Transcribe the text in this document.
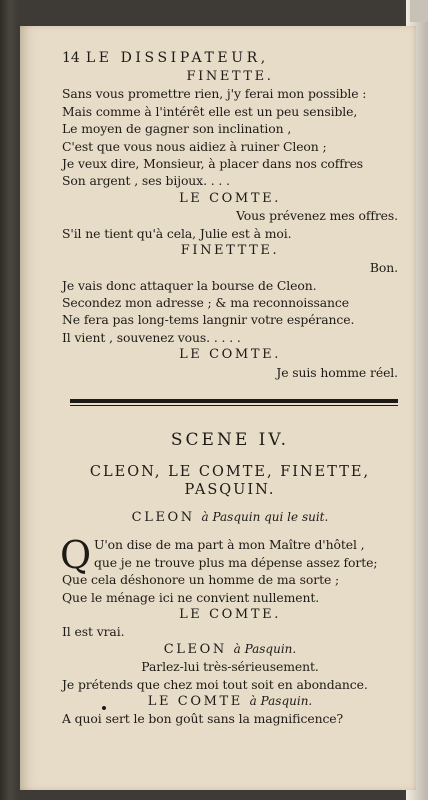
14 LE DISSIPATEUR,
FINETTE.
Sans vous promettre rien, j'y ferai mon possible :
Mais comme à l'intérêt elle est un peu sensible,
Le moyen de gagner son inclination ,
C'est que vous nous aidiez à ruiner Cleon ;
Je veux dire, Monsieur, à placer dans nos coffres
Son argent , ses bijoux. . . .
LE COMTE.
Vous prévenez mes offres.
S'il ne tient qu'à cela, Julie est à moi.
FINETTTE.
Bon.
Je vais donc attaquer la bourse de Cleon.
Secondez mon adresse ; & ma reconnoissance
Ne fera pas long-tems langnir votre espérance.
Il vient , souvenez vous. . . . .
LE COMTE.
Je suis homme réel.
SCENE IV.
CLEON, LE COMTE, FINETTE,
PASQUIN.
CLEON à Pasquin qui le suit.
Q U'on dise de ma part à mon Maître d'hôtel ,
que je ne trouve plus ma dépense assez forte;
Que cela déshonore un homme de ma sorte ;
Que le ménage ici ne convient nullement.
LE COMTE.
Il est vrai.
CLEON à Pasquin.
Parlez-lui très-sérieusement.
Je prétends que chez moi tout soit en abondance.
LE COMTE à Pasquin.
A quoi sert le bon goût sans la magnificence?
